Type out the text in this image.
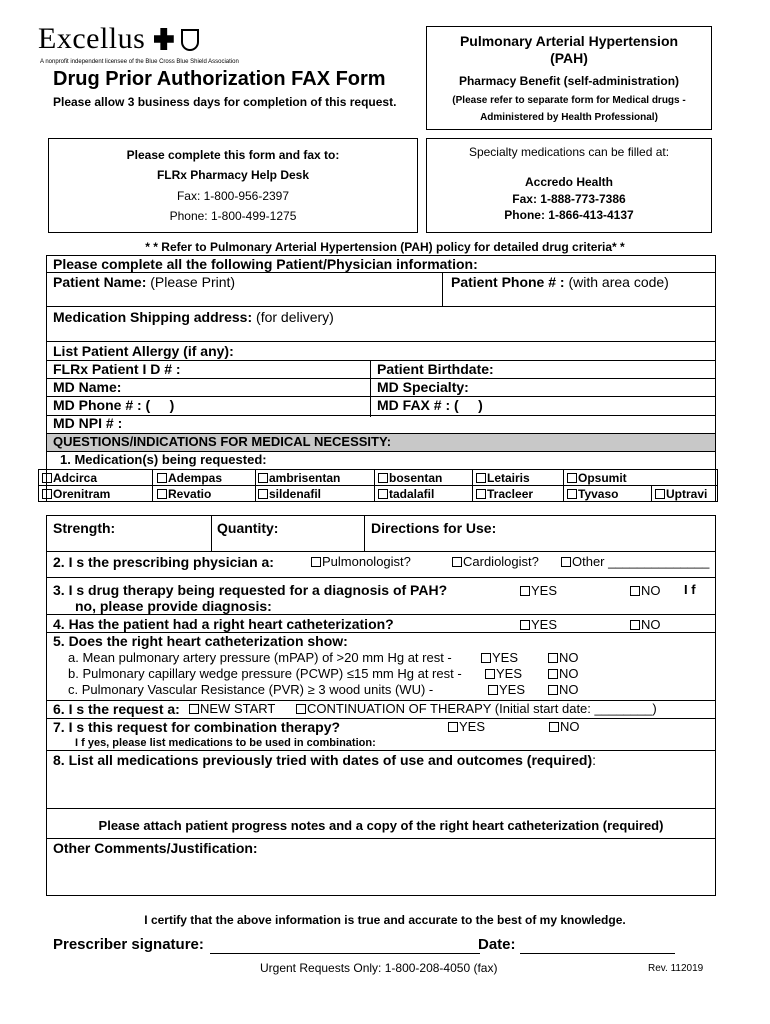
Excellus
A nonprofit independent licensee of the Blue Cross Blue Shield Association
Drug Prior Authorization FAX Form
Please allow 3 business days for completion of this request.
Pulmonary Arterial Hypertension
(PAH)
Pharmacy Benefit (self-administration)
(Please refer to separate form for Medical drugs -
Administered by Health Professional)
Please complete this form and fax to:
FLRx Pharmacy Help Desk
Fax: 1-800-956-2397
Phone: 1-800-499-1275
Specialty medications can be filled at:
Accredo Health
Fax: 1-888-773-7386
Phone: 1-866-413-4137
* * Refer to Pulmonary Arterial Hypertension (PAH) policy for detailed drug criteria* *
Please complete all the following Patient/Physician information:
Patient Name: (Please Print)	Patient Phone # : (with area code)
Medication Shipping address: (for delivery)
List Patient Allergy (if any):
FLRx Patient I D # :	Patient Birthdate:
MD Name:	MD Specialty:
MD Phone # : (     )	MD FAX # : (     )
MD NPI # :
QUESTIONS/INDICATIONS FOR MEDICAL NECESSITY:
1. Medication(s) being requested:
Adcirca	Adempas	ambrisentan	bosentan	Letairis	Opsumit
Orenitram	Revatio	sildenafil	tadalafil	Tracleer	Tyvaso	Uptravi
Strength:	Quantity:	Directions for Use:
2. I s the prescribing physician a:	Pulmonologist?	Cardiologist?	Other ______________
3. I s drug therapy being requested for a diagnosis of PAH?	YES	NO I f
no, please provide diagnosis:
4. Has the patient had a right heart catheterization?	YES	NO
5. Does the right heart catheterization show:
a. Mean pulmonary artery pressure (mPAP) of >20 mm Hg at rest -	YES	NO
b. Pulmonary capillary wedge pressure (PCWP) ≤15 mm Hg at rest -	YES	NO
c. Pulmonary Vascular Resistance (PVR) ≥ 3 wood units (WU) -	YES	NO
6. I s the request a:	NEW START	CONTINUATION OF THERAPY (Initial start date: ________)
7. I s this request for combination therapy?	YES	NO
I f yes, please list medications to be used in combination:
8. List all medications previously tried with dates of use and outcomes (required):
Please attach patient progress notes and a copy of the right heart catheterization (required)
Other Comments/Justification:
I certify that the above information is true and accurate to the best of my knowledge.
Prescriber signature:	Date:
Urgent Requests Only: 1-800-208-4050 (fax)	Rev. 112019
